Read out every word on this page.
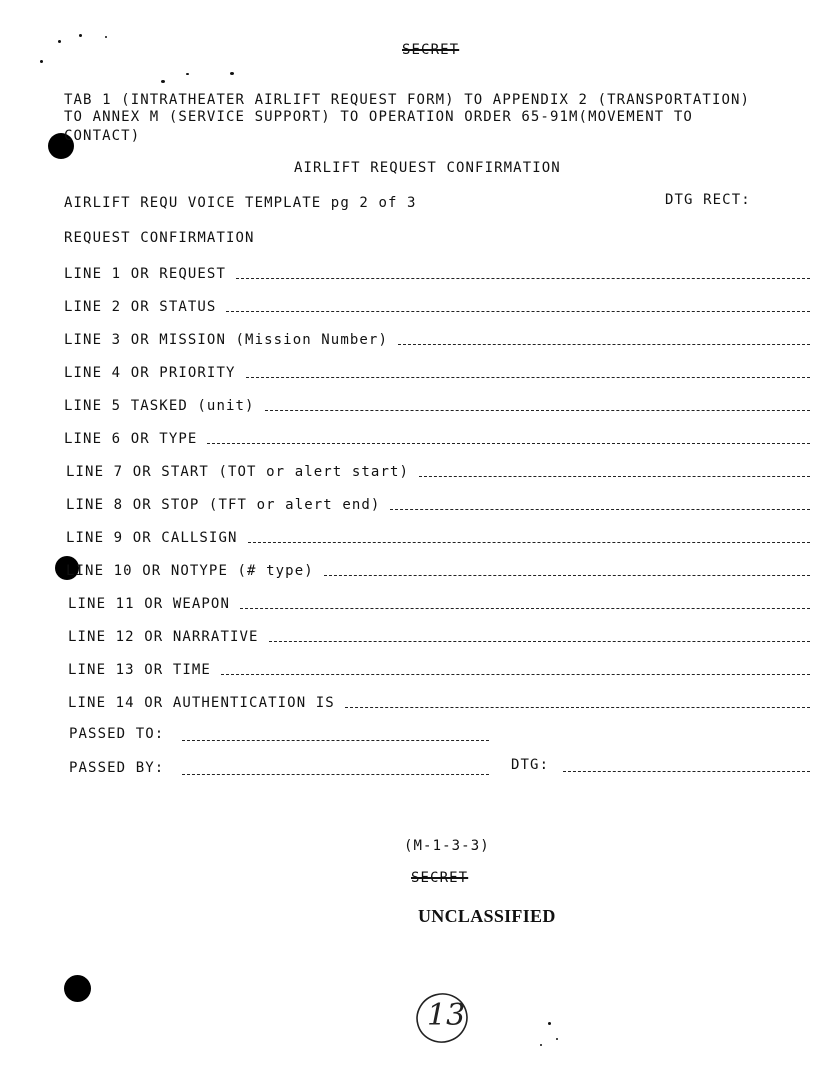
SECRET
TAB 1 (INTRATHEATER AIRLIFT REQUEST FORM) TO APPENDIX 2 (TRANSPORTATION)
TO ANNEX M (SERVICE SUPPORT) TO OPERATION ORDER 65-91M(MOVEMENT TO
CONTACT)
AIRLIFT REQUEST CONFIRMATION
AIRLIFT REQU VOICE TEMPLATE pg 2 of 3	DTG RECT:
REQUEST CONFIRMATION
LINE 1 OR REQUEST
LINE 2 OR STATUS
LINE 3 OR MISSION (Mission Number)
LINE 4 OR PRIORITY
LINE 5 TASKED (unit)
LINE 6 OR TYPE
LINE 7 OR START (TOT or alert start)
LINE 8 OR STOP (TFT or alert end)
LINE 9 OR CALLSIGN
LINE 10 OR NOTYPE (# type)
LINE 11 OR WEAPON
LINE 12 OR NARRATIVE
LINE 13 OR TIME
LINE 14 OR AUTHENTICATION IS
PASSED TO:
PASSED BY:	DTG:
(M-1-3-3)
SECRET
UNCLASSIFIED
13
